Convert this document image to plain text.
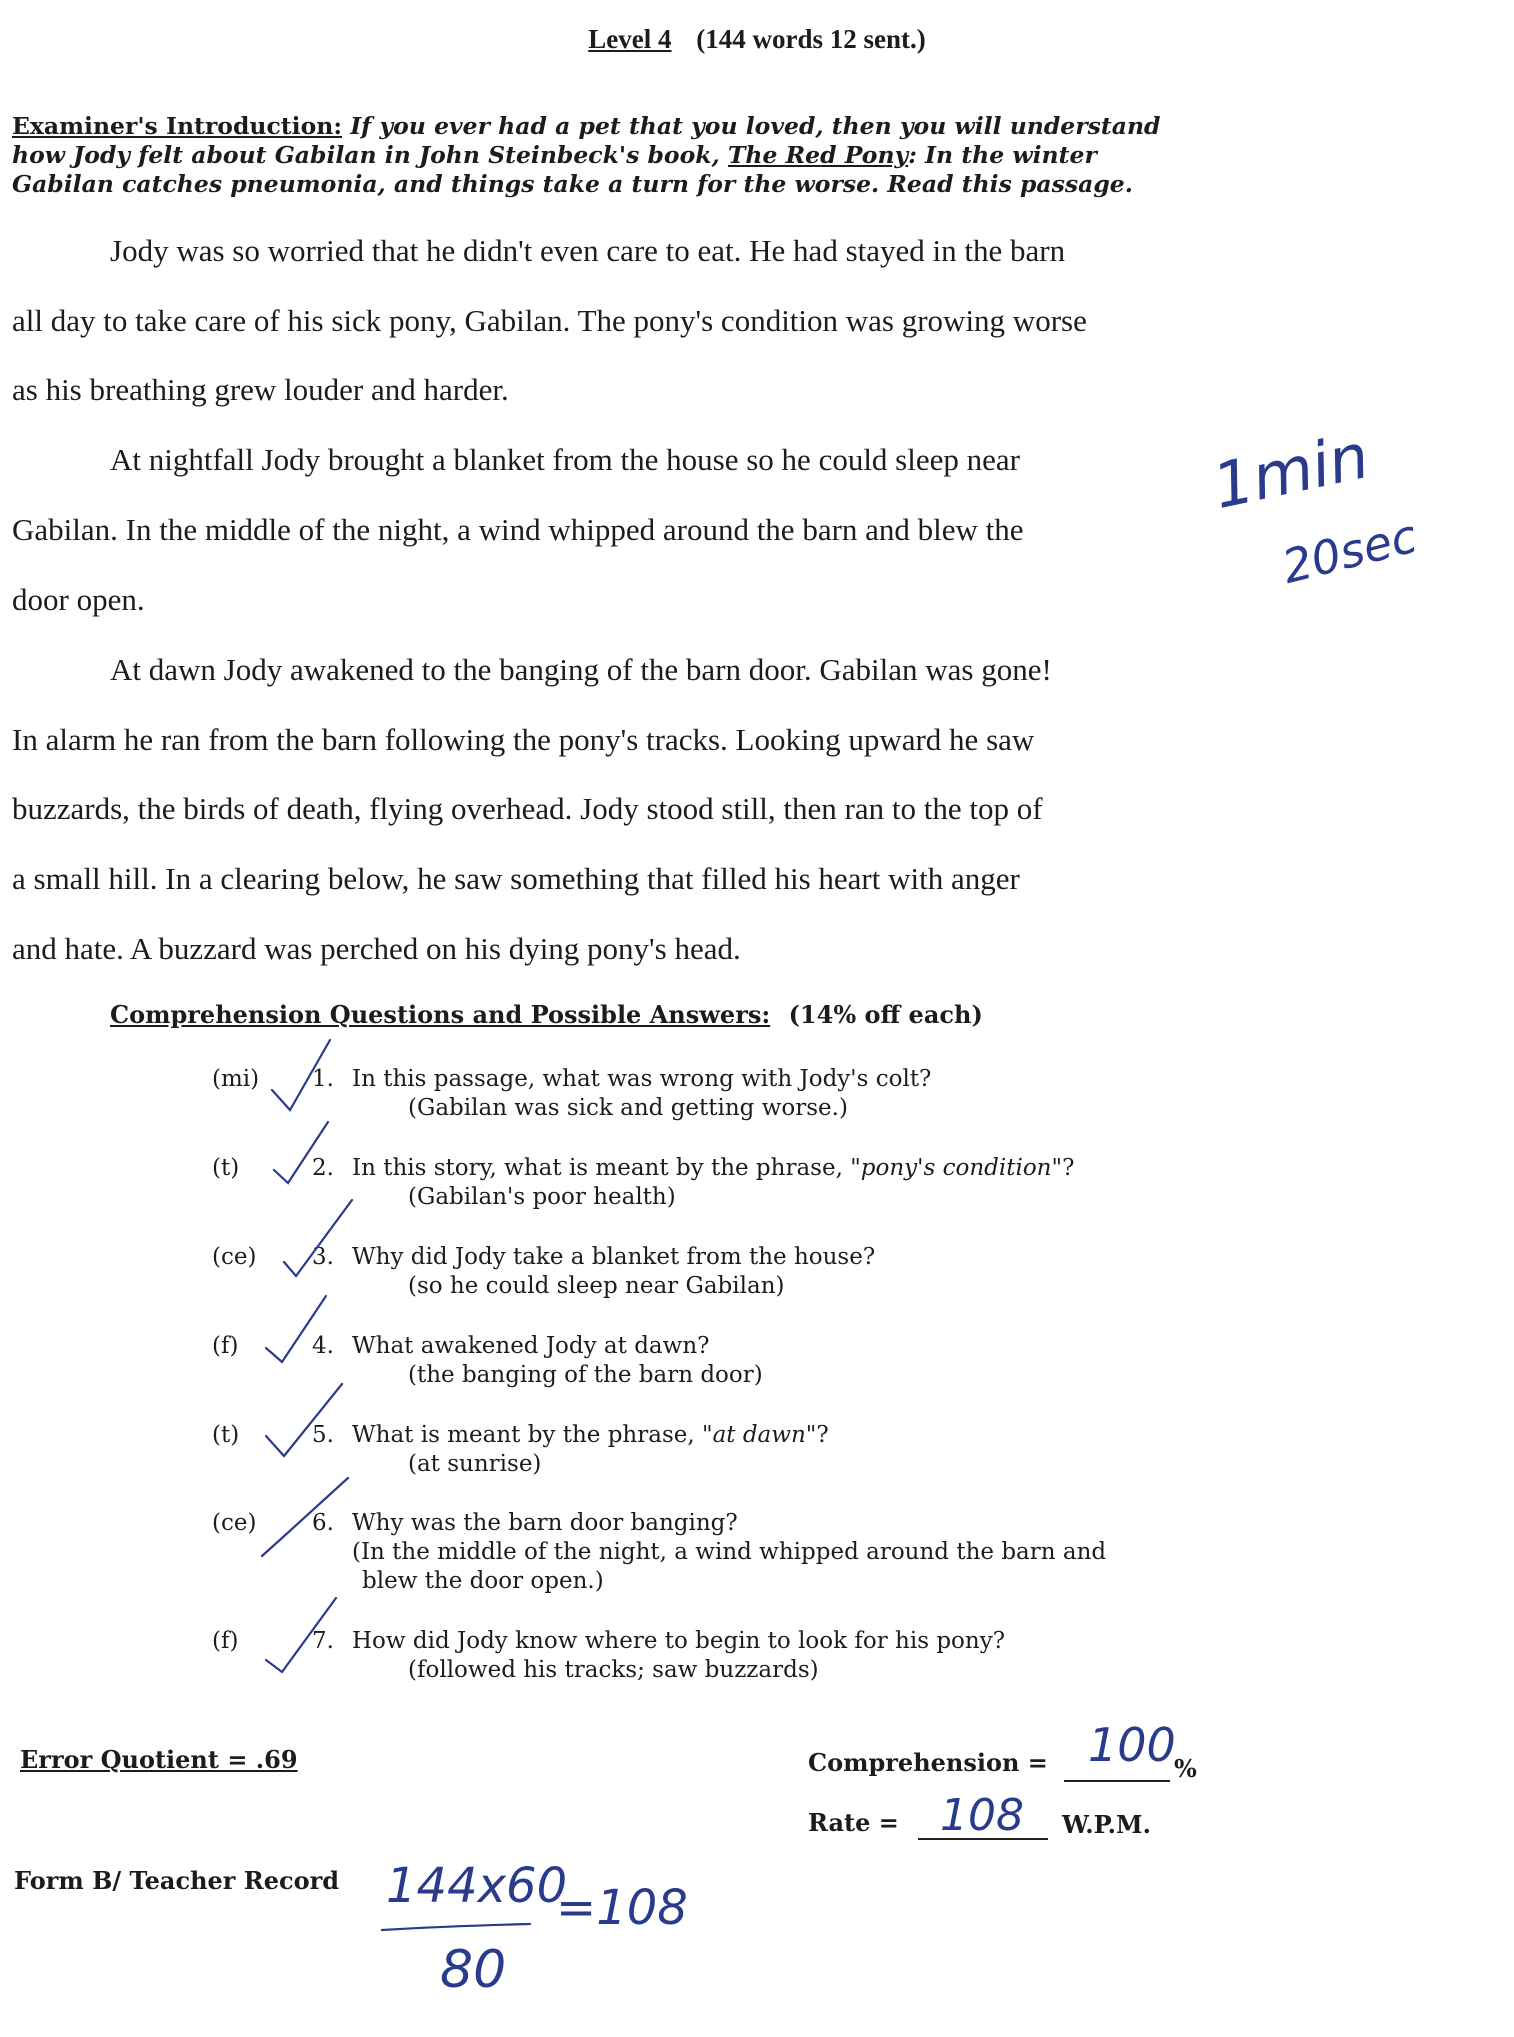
Level 4 (144 words 12 sent.)
Examiner's Introduction: If you ever had a pet that you loved, then you will understand
how Jody felt about Gabilan in John Steinbeck's book, The Red Pony: In the winter
Gabilan catches pneumonia, and things take a turn for the worse. Read this passage.
Jody was so worried that he didn't even care to eat. He had stayed in the barn
all day to take care of his sick pony, Gabilan. The pony's condition was growing worse
as his breathing grew louder and harder.
At nightfall Jody brought a blanket from the house so he could sleep near
Gabilan. In the middle of the night, a wind whipped around the barn and blew the
door open.
At dawn Jody awakened to the banging of the barn door. Gabilan was gone!
In alarm he ran from the barn following the pony's tracks. Looking upward he saw
buzzards, the birds of death, flying overhead. Jody stood still, then ran to the top of
a small hill. In a clearing below, he saw something that filled his heart with anger
and hate. A buzzard was perched on his dying pony's head.
Comprehension Questions and Possible Answers: (14% off each)
(mi) 1. In this passage, what was wrong with Jody's colt?
(Gabilan was sick and getting worse.)
(t)	2. In this story, what is meant by the phrase, "pony's condition"?
(Gabilan's poor health)
(ce) 3. Why did Jody take a blanket from the house?
(so he could sleep near Gabilan)
(f)	4. What awakened Jody at dawn?
(the banging of the barn door)
(t)	5. What is meant by the phrase, "at dawn"?
(at sunrise)
(ce) 6. Why was the barn door banging?
(In the middle of the night, a wind whipped around the barn and
blew the door open.)
(f)	7. How did Jody know where to begin to look for his pony?
(followed his tracks; saw buzzards)
Error Quotient = .69	Comprehension = 100
%
Rate = 108 W.P.M.
Form B/ Teacher Record
1min
20sec
144x60
80
=108
